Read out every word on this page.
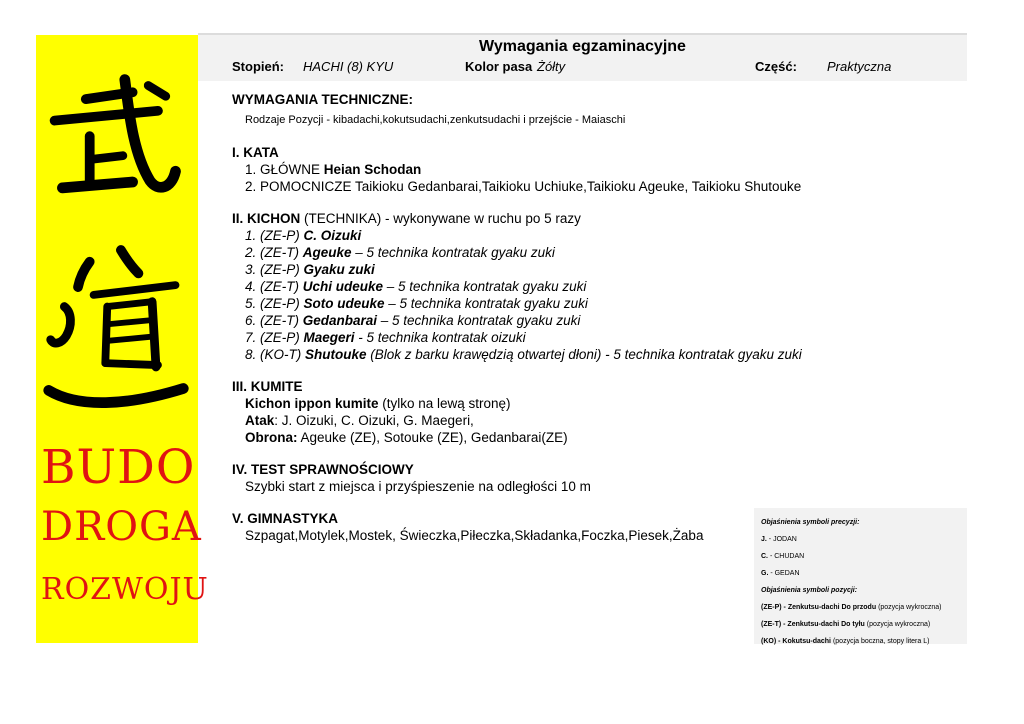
BUDO
DROGA
ROZWOJU
Wymagania egzaminacyjne
Stopień: HACHI (8) KYU	Kolor pasa Żółty	Część: Praktyczna
WYMAGANIA TECHNICZNE:
Rodzaje Pozycji - kibadachi,kokutsudachi,zenkutsudachi i przejście - Maiaschi
I. KATA
1. GŁÓWNE Heian Schodan
2. POMOCNICZE Taikioku Gedanbarai,Taikioku Uchiuke,Taikioku Ageuke, Taikioku Shutouke
II. KICHON (TECHNIKA) - wykonywane w ruchu po 5 razy
1. (ZE-P) C. Oizuki
2. (ZE-T) Ageuke – 5 technika kontratak gyaku zuki
3. (ZE-P) Gyaku zuki
4. (ZE-T) Uchi udeuke – 5 technika kontratak gyaku zuki
5. (ZE-P) Soto udeuke – 5 technika kontratak gyaku zuki
6. (ZE-T) Gedanbarai – 5 technika kontratak gyaku zuki
7. (ZE-P) Maegeri - 5 technika kontratak oizuki
8. (KO-T) Shutouke (Blok z barku krawędzią otwartej dłoni) - 5 technika kontratak gyaku zuki
III. KUMITE
Kichon ippon kumite (tylko na lewą stronę)
Atak: J. Oizuki, C. Oizuki, G. Maegeri,
Obrona: Ageuke (ZE), Sotouke (ZE), Gedanbarai(ZE)
IV. TEST SPRAWNOŚCIOWY
Szybki start z miejsca i przyśpieszenie na odległości 10 m
V. GIMNASTYKA
Szpagat,Motylek,Mostek, Świeczka,Piłeczka,Składanka,Foczka,Piesek,Żaba
Objaśnienia symboli precyzji:
J. - JODAN
C. - CHUDAN
G. - GEDAN
Objaśnienia symboli pozycji:
(ZE-P) - Zenkutsu-dachi Do przodu (pozycja wykroczna)
(ZE-T) - Zenkutsu-dachi Do tyłu (pozycja wykroczna)
(KO) - Kokutsu-dachi (pozycja boczna, stopy litera L)
